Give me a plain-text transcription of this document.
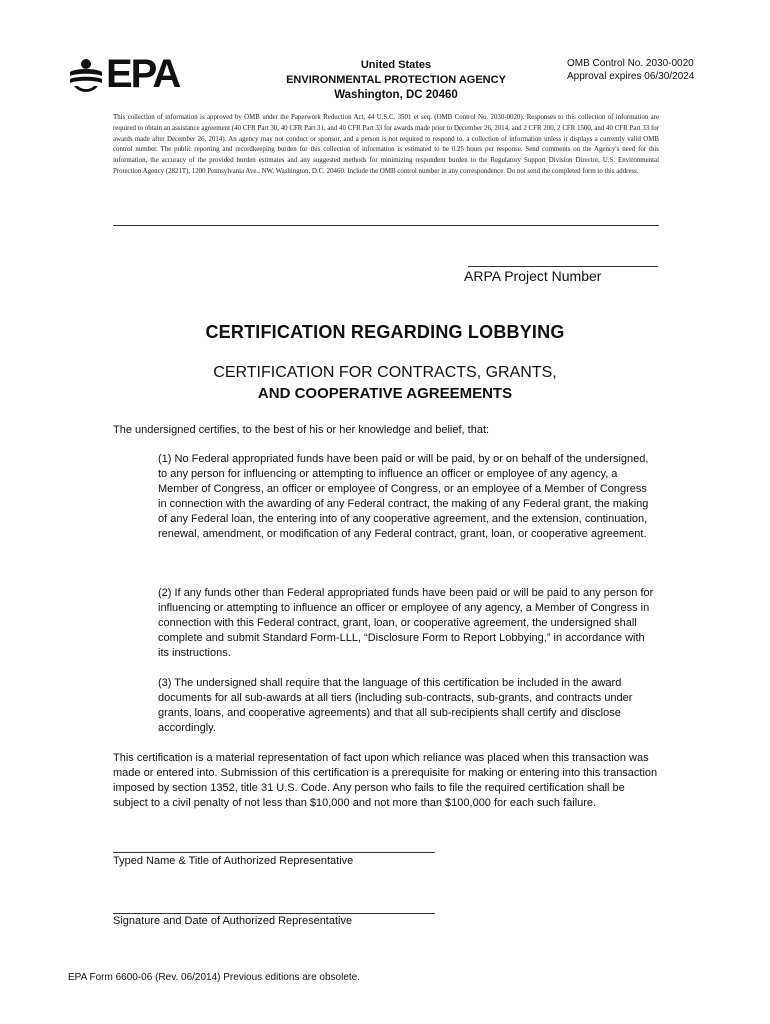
EPA	United States
ENVIRONMENTAL PROTECTION AGENCY
Washington, DC 20460
OMB Control No. 2030-0020
Approval expires 06/30/2024

This collection of information is approved by OMB under the Paperwork Reduction Act, 44 U.S.C. 3501 et seq. (OMB Control No. 2030-0020). Responses to this collection of information are required to obtain an assistance agreement (40 CFR Part 30, 40 CFR Part 31, and 40 CFR Part 33 for awards made prior to December 26, 2014, and 2 CFR 200, 2 CFR 1500, and 40 CFR Part 33 for awards made after December 26, 2014). An agency may not conduct or sponsor, and a person is not required to respond to, a collection of information unless it displays a currently valid OMB control number. The public reporting and recordkeeping burden for this collection of information is estimated to be 0.25 hours per response. Send comments on the Agency's need for this information, the accuracy of the provided burden estimates and any suggested methods for minimizing respondent burden to the Regulatory Support Division Director, U.S. Environmental Protection Agency (2821T), 1200 Pennsylvania Ave., NW, Washington, D.C. 20460. Include the OMB control number in any correspondence. Do not send the completed form to this address.

ARPA Project Number
CERTIFICATION REGARDING LOBBYING
CERTIFICATION FOR CONTRACTS, GRANTS,
AND COOPERATIVE AGREEMENTS
The undersigned certifies, to the best of his or her knowledge and belief, that:

(1) No Federal appropriated funds have been paid or will be paid, by or on behalf of the undersigned, to any person for influencing or attempting to influence an officer or employee of any agency, a Member of Congress, an officer or employee of Congress, or an employee of a Member of Congress in connection with the awarding of any Federal contract, the making of any Federal grant, the making of any Federal loan, the entering into of any cooperative agreement, and the extension, continuation, renewal, amendment, or modification of any Federal contract, grant, loan, or cooperative agreement.

(2) If any funds other than Federal appropriated funds have been paid or will be paid to any person for influencing or attempting to influence an officer or employee of any agency, a Member of Congress in connection with this Federal contract, grant, loan, or cooperative agreement, the undersigned shall complete and submit Standard Form-LLL, “Disclosure Form to Report Lobbying,” in accordance with its instructions.

(3) The undersigned shall require that the language of this certification be included in the award documents for all sub-awards at all tiers (including sub-contracts, sub-grants, and contracts under grants, loans, and cooperative agreements) and that all sub-recipients shall certify and disclose accordingly.

This certification is a material representation of fact upon which reliance was placed when this transaction was made or entered into. Submission of this certification is a prerequisite for making or entering into this transaction imposed by section 1352, title 31 U.S. Code. Any person who fails to file the required certification shall be subject to a civil penalty of not less than $10,000 and not more than $100,000 for each such failure.

Typed Name & Title of Authorized Representative
Signature and Date of Authorized Representative
EPA Form 6600-06 (Rev. 06/2014) Previous editions are obsolete.
